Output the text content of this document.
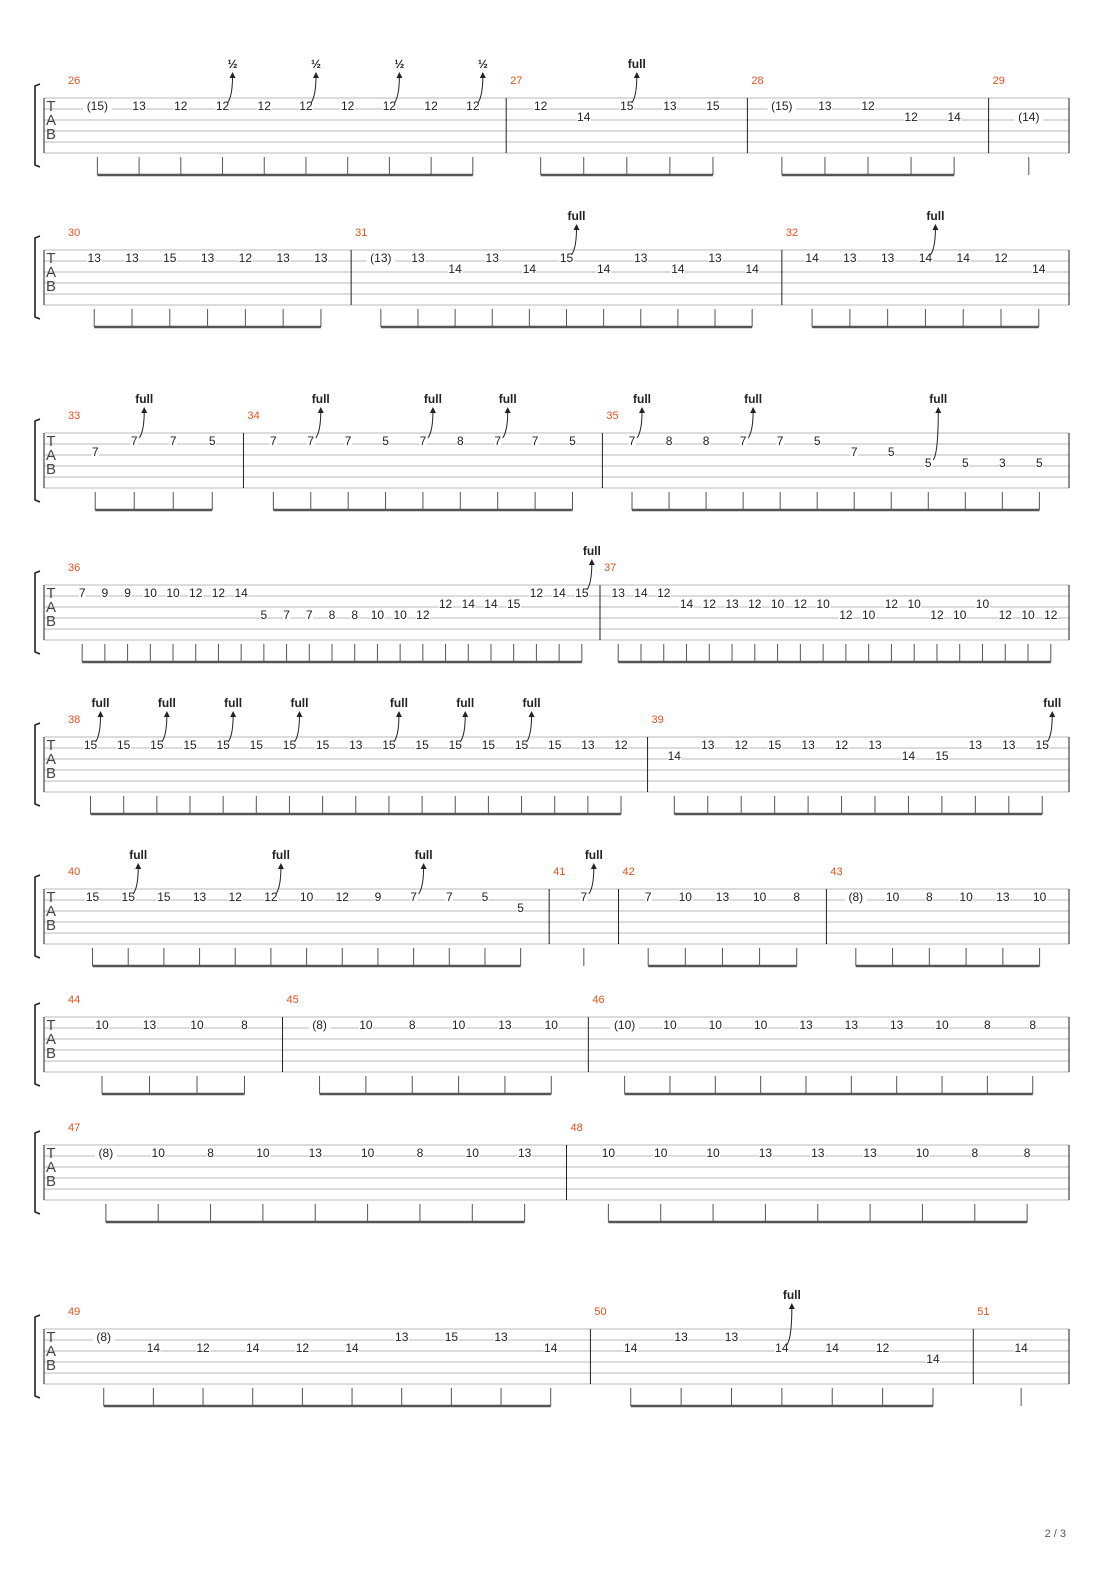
T
A
B
26
(15) 13 12 12
½
12 12
½
12 12
½
12 12
½
27
12
14
15
full
13 15
28
(15) 13 12
12 14
29
(14)
T
A
B
30
13 13 15 13 12 13 13
31
(13) 13
14
13
14
15
full
14
13
14
13
14
32
14 13 13 14
full
14 12
14
T
A
B
33
7
7
full
7	5
34
7	7
full
7	5	7
full
8	7
full
7	5
35
7
full
8	8	7
full
7	5
7	5
5
full
5	3	5
T
A
B
36
7 9 9 10 10 12 12 14
5 7 7 8 8 10 10 12
12 14 14 15
12 14 15
full
37
13 14 12
14 12 13 12 10 12 10
12 10
12 10
12 10
10
12 10 12
T
A
B
38
15
full
15 15
full
15 15
full
15 15
full
15 13 15
full
15 15
full
15 15
full
15 13 12
39
14
13 12 15 13 12 13
14 15
13 13 15
full
T
A
B
40
15 15
full
15 13 12 12
full
10 12 9 7
full
7 5
5
41
7
full
42
7 10 13 10 8
43
(8) 10 8 10 13 10
T
A
B
44
10	13	10	8
45
(8)	10	8	10	13	10
46
(10) 10	10	10	13	13	13	10	8	8
T
A
B
47
(8)	10	8	10	13	10	8	10	13
48
10	10	10	13	13	13	10	8	8
T
A
B
49
(8)
14	12	14	12	14
13	15	13
14
50
14
13	13
14
full
14	12
14
51
14
2 / 3
